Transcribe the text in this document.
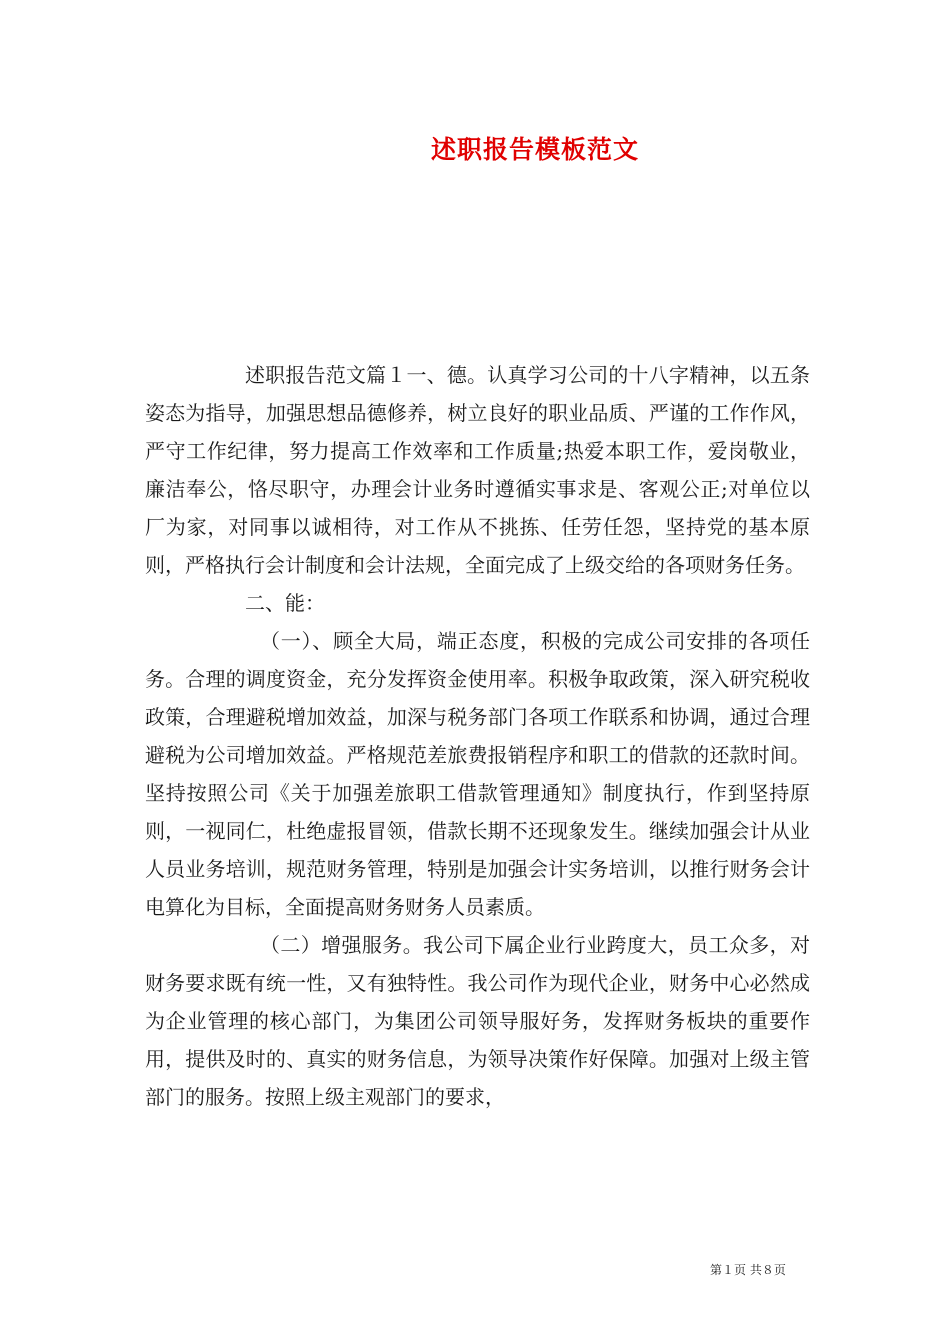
述职报告模板范文

述职报告范文篇１一、德。认真学习公司的十八字精神，以五条姿态为指导，加强思想品德修养，树立良好的职业品质、严谨的工作作风，严守工作纪律，努力提高工作效率和工作质量;热爱本职工作，爱岗敬业，廉洁奉公，恪尽职守，办理会计业务时遵循实事求是、客观公正;对单位以厂为家，对同事以诚相待，对工作从不挑拣、任劳任怨，坚持党的基本原则，严格执行会计制度和会计法规，全面完成了上级交给的各项财务任务。

二、能：

（一）、顾全大局，端正态度，积极的完成公司安排的各项任务。合理的调度资金，充分发挥资金使用率。积极争取政策，深入研究税收政策，合理避税增加效益，加深与税务部门各项工作联系和协调，通过合理避税为公司增加效益。严格规范差旅费报销程序和职工的借款的还款时间。坚持按照公司《关于加强差旅职工借款管理通知》制度执行，作到坚持原则，一视同仁，杜绝虚报冒领，借款长期不还现象发生。继续加强会计从业人员业务培训，规范财务管理，特别是加强会计实务培训，以推行财务会计电算化为目标，全面提高财务财务人员素质。

（二）增强服务。我公司下属企业行业跨度大，员工众多，对财务要求既有统一性，又有独特性。我公司作为现代企业，财务中心必然成为企业管理的核心部门，为集团公司领导服好务，发挥财务板块的重要作用，提供及时的、真实的财务信息，为领导决策作好保障。加强对上级主管部门的服务。按照上级主观部门的要求，

第１页 共８页
